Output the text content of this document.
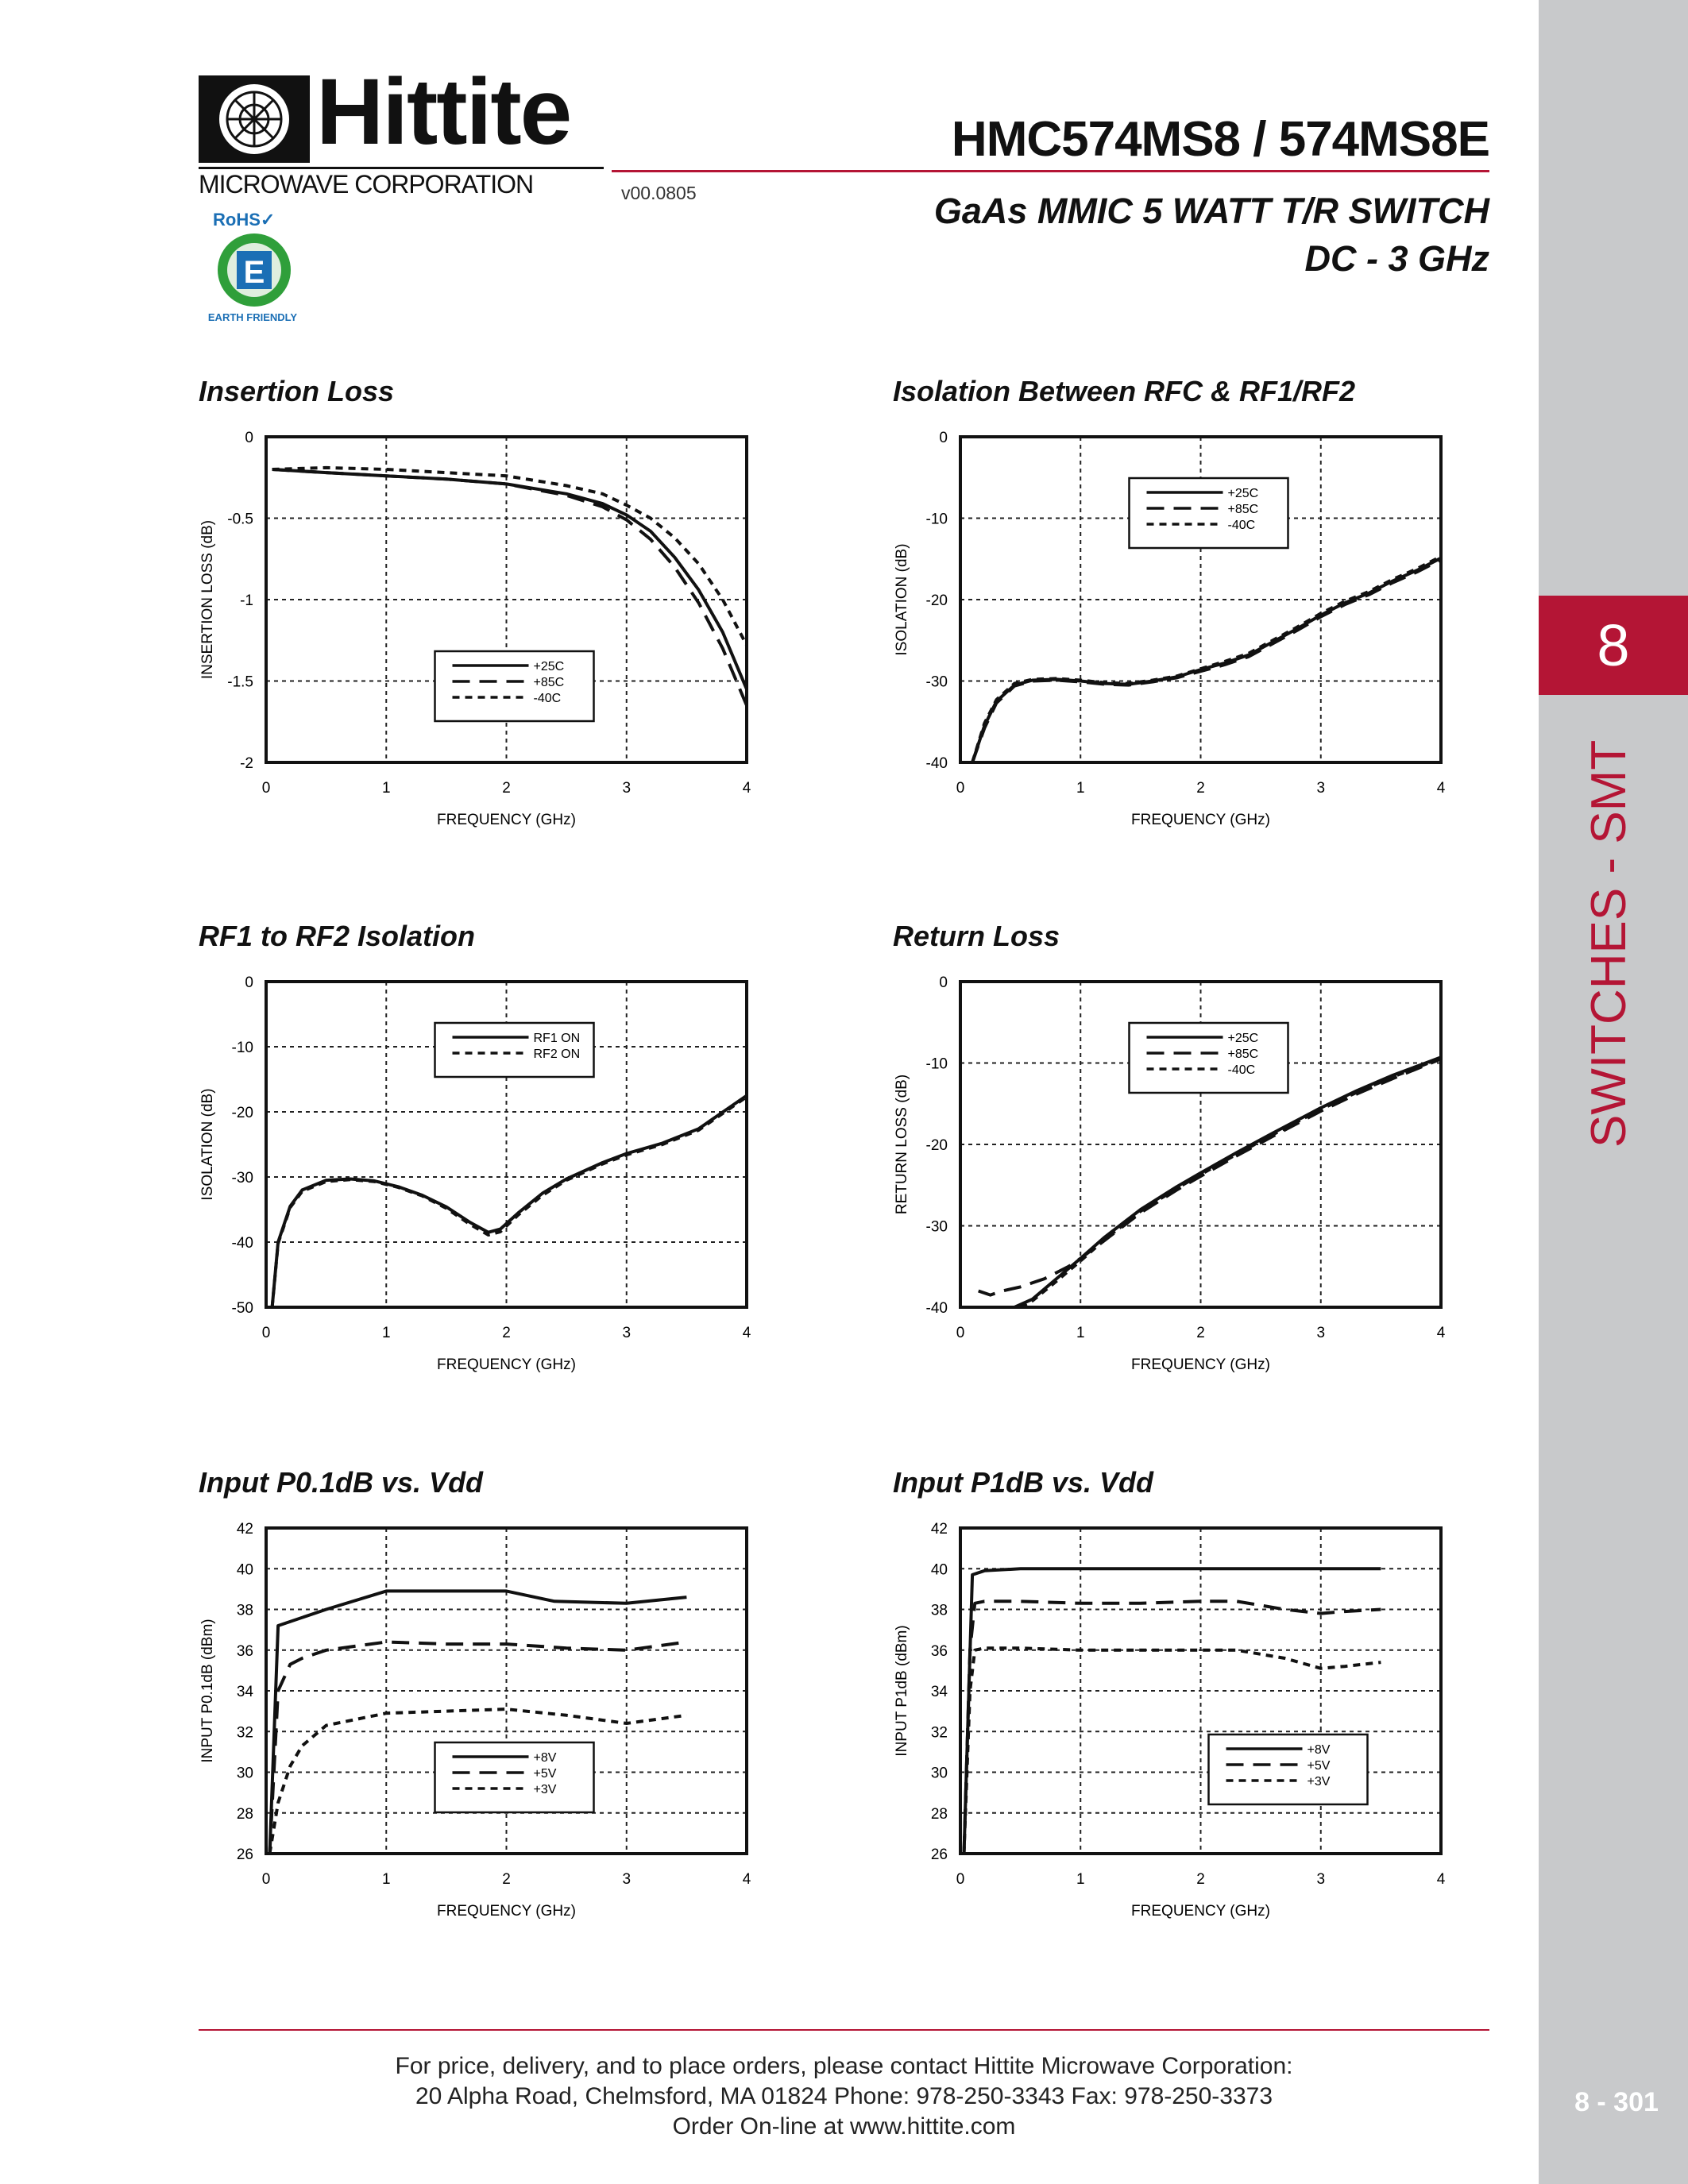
8
8 - 301
Hittite
MICROWAVE CORPORATION	v00.0805
RoHS✓
E
EARTH FRIENDLY
HMC574MS8 / 574MS8E
GaAs MMIC 5 WATT T/R SWITCH
DC - 3 GHz
Insertion Loss	Isolation Between RFC & RF1/RF2
RF1 to RF2 Isolation	Return Loss
Input P0.1dB vs. Vdd	Input P1dB vs. Vdd
0	1	2	3	4
0
-0.5
-1
-1.5
-2
FREQUENCY (GHz)
INSERTION LOSS (dB)	+25C
+85C
-40C
0	1	2	3	4
0
-10
-20
-30
-40
FREQUENCY (GHz)
ISOLATION (dB)
+25C
+85C
-40C
0	1	2	3	4
0
-10
-20
-30
-40
-50
FREQUENCY (GHz)
ISOLATION (dB)
RF1 ON
RF2 ON
0	1	2	3	4
0
-10
-20
-30
-40
FREQUENCY (GHz)
RETURN LOSS (dB)
+25C
+85C
-40C
0	1	2	3	4
26
28
30
32
34
36
38
40
42
FREQUENCY (GHz)
INPUT P0.1dB (dBm)	+8V
+5V
+3V
0	1	2	3	4
26
28
30
32
34
36
38
40
42
FREQUENCY (GHz)
INPUT P1dB (dBm)	+8V
+5V
+3V
For price, delivery, and to place orders, please contact Hittite Microwave Corporation:
20 Alpha Road, Chelmsford, MA 01824 Phone: 978-250-3343 Fax: 978-250-3373
Order On-line at www.hittite.com
